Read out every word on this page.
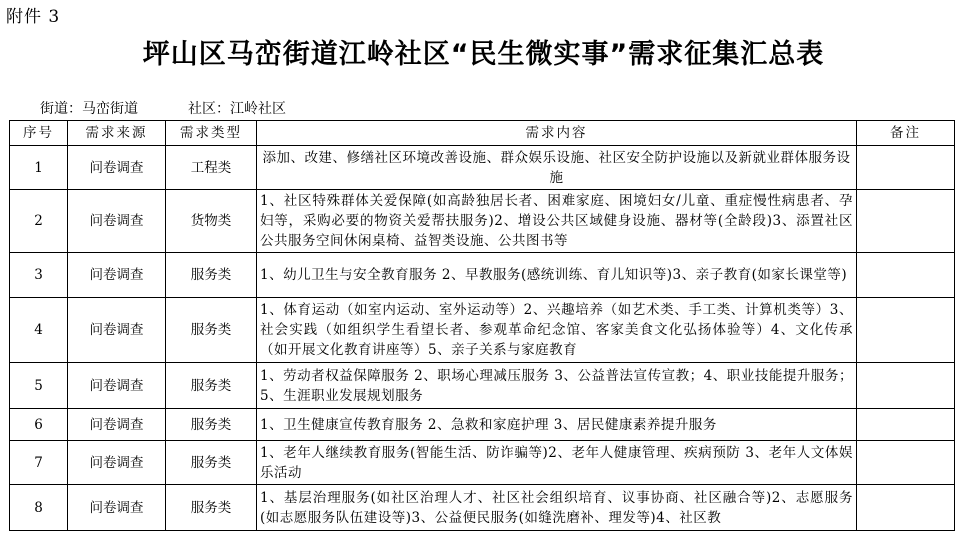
附件 3
坪山区马峦街道江岭社区“民生微实事”需求征集汇总表
街道：马峦街道	社区：江岭社区
序号	需求来源	需求类型	需求内容	备注
1	问卷调查	工程类	添加、改建、修缮社区环境改善设施、群众娱乐设施、社区安全防护设施以及新就业群体服务设施	
2	问卷调查	货物类	1、社区特殊群体关爱保障(如高龄独居长者、困难家庭、困境妇女/儿童、重症慢性病患者、孕妇等，采购必要的物资关爱帮扶服务)2、增设公共区域健身设施、器材等(全龄段)3、添置社区公共服务空间休闲桌椅、益智类设施、公共图书等	
3	问卷调查	服务类	1、幼儿卫生与安全教育服务 2、早教服务(感统训练、育儿知识等)3、亲子教育(如家长课堂等)	
4	问卷调查	服务类	1、体育运动（如室内运动、室外运动等）2、兴趣培养（如艺术类、手工类、计算机类等）3、社会实践（如组织学生看望长者、参观革命纪念馆、客家美食文化弘扬体验等）4、文化传承（如开展文化教育讲座等）5、亲子关系与家庭教育	
5	问卷调查	服务类	1、劳动者权益保障服务 2、职场心理减压服务 3、公益普法宣传宣教；4、职业技能提升服务；5、生涯职业发展规划服务	
6	问卷调查	服务类	1、卫生健康宣传教育服务 2、急救和家庭护理 3、居民健康素养提升服务	
7	问卷调查	服务类	1、老年人继续教育服务(智能生活、防诈骗等)2、老年人健康管理、疾病预防 3、老年人文体娱乐活动	
8	问卷调查	服务类	1、基层治理服务(如社区治理人才、社区社会组织培育、议事协商、社区融合等)2、志愿服务(如志愿服务队伍建设等)3、公益便民服务(如缝洗磨补、理发等)4、社区教	
